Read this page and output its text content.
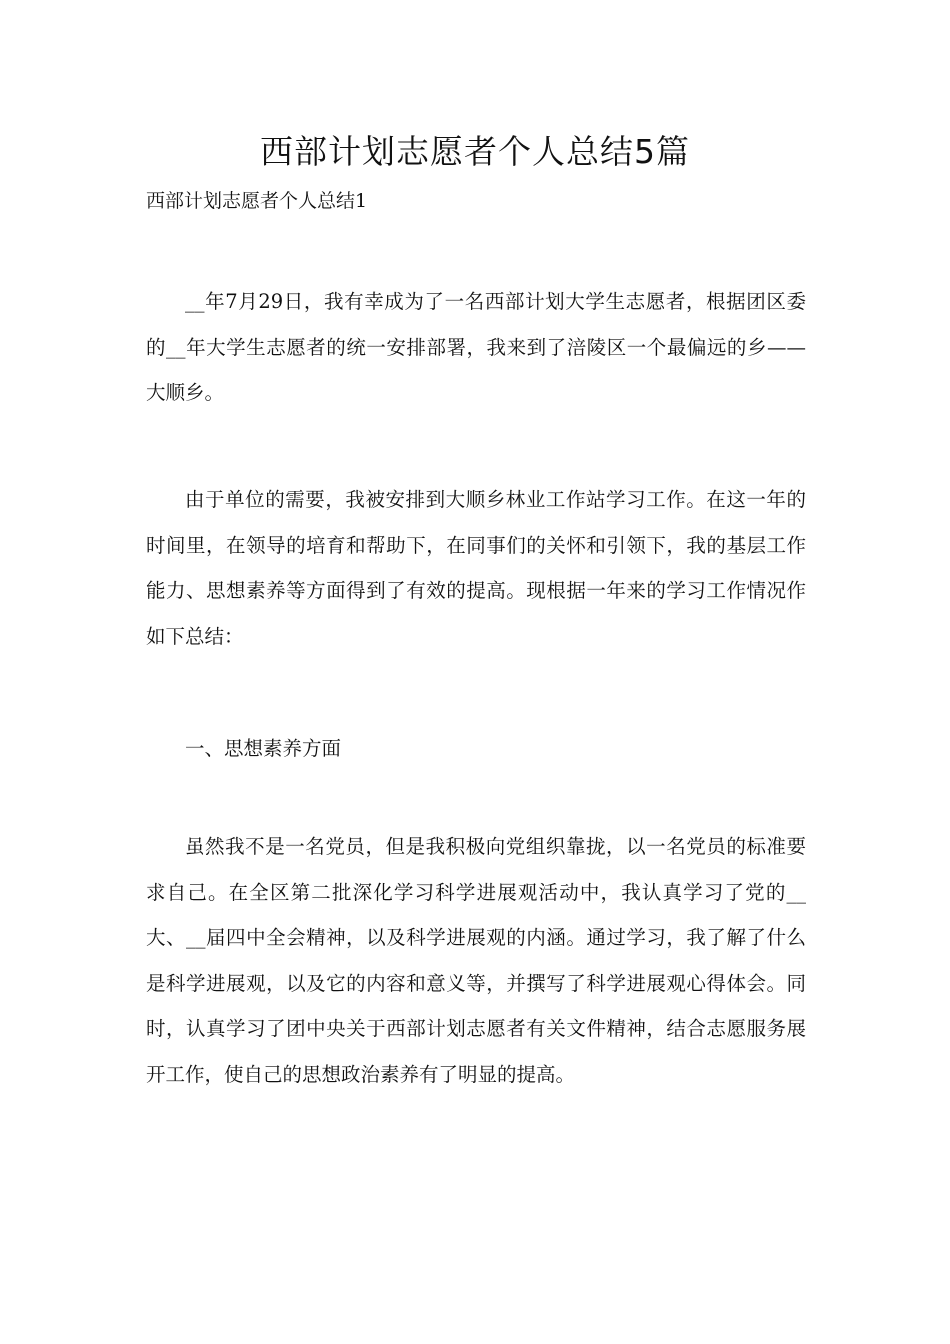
西部计划志愿者个人总结5篇

西部计划志愿者个人总结1

__年7月29日，我有幸成为了一名西部计划大学生志愿者，根据团区委的__年大学生志愿者的统一安排部署，我来到了涪陵区一个最偏远的乡——大顺乡。

由于单位的需要，我被安排到大顺乡林业工作站学习工作。在这一年的时间里，在领导的培育和帮助下，在同事们的关怀和引领下，我的基层工作能力、思想素养等方面得到了有效的提高。现根据一年来的学习工作情况作如下总结：

一、思想素养方面

虽然我不是一名党员，但是我积极向党组织靠拢，以一名党员的标准要求自己。在全区第二批深化学习科学进展观活动中，我认真学习了党的__大、__届四中全会精神，以及科学进展观的内涵。通过学习，我了解了什么是科学进展观，以及它的内容和意义等，并撰写了科学进展观心得体会。同时，认真学习了团中央关于西部计划志愿者有关文件精神，结合志愿服务展开工作，使自己的思想政治素养有了明显的提高。
